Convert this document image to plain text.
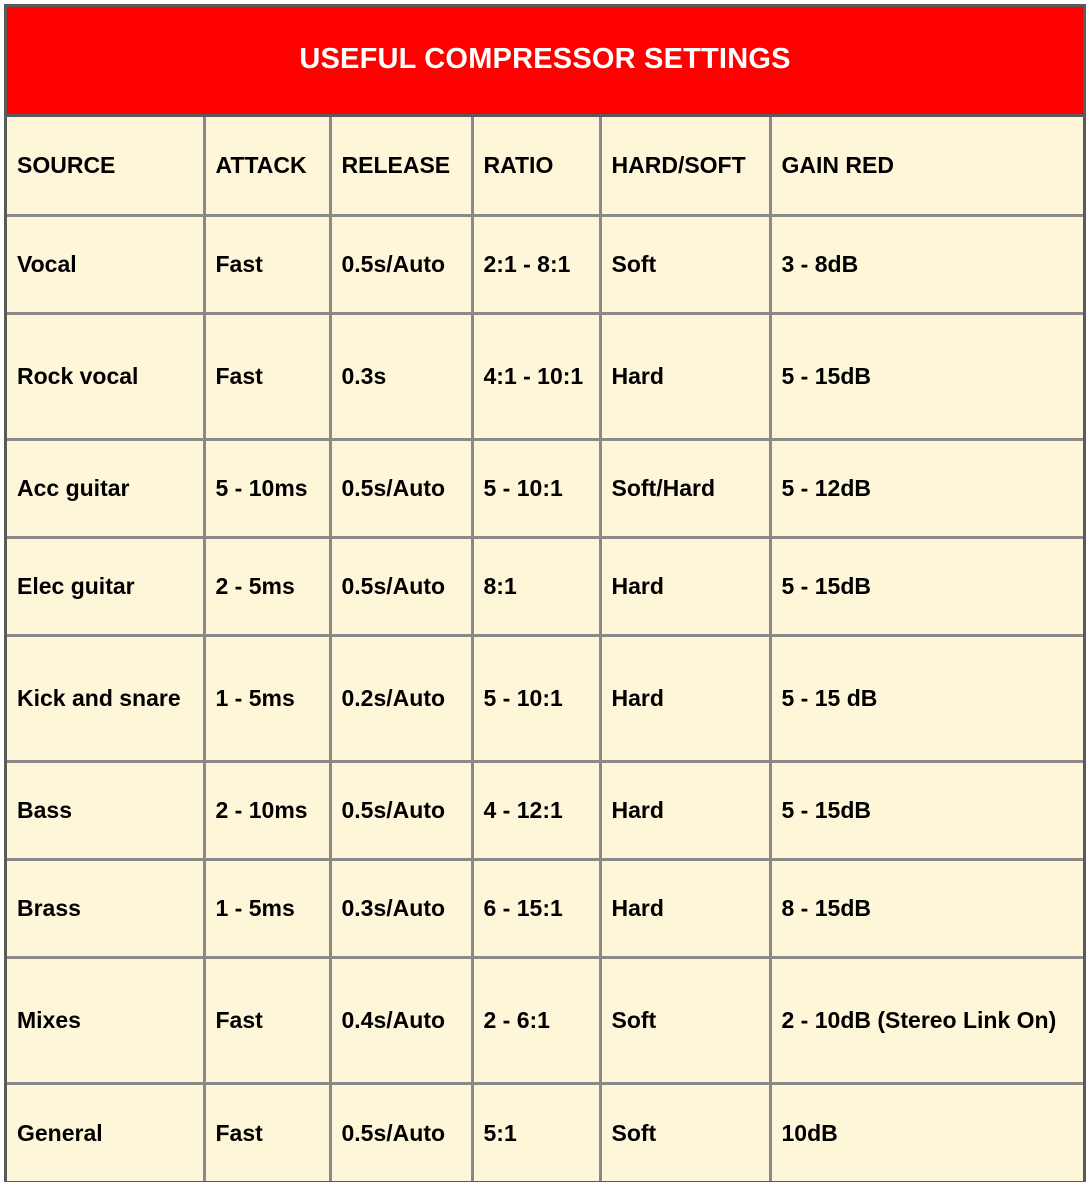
USEFUL COMPRESSOR SETTINGS
SOURCE	ATTACK	RELEASE	RATIO	HARD/SOFT	GAIN RED
Vocal	Fast	0.5s/Auto	2:1 - 8:1	Soft	3 - 8dB
Rock vocal	Fast	0.3s	4:1 - 10:1	Hard	5 - 15dB
Acc guitar	5 - 10ms	0.5s/Auto	5 - 10:1	Soft/Hard	5 - 12dB
Elec guitar	2 - 5ms	0.5s/Auto	8:1	Hard	5 - 15dB
Kick and snare	1 - 5ms	0.2s/Auto	5 - 10:1	Hard	5 - 15 dB
Bass	2 - 10ms	0.5s/Auto	4 - 12:1	Hard	5 - 15dB
Brass	1 - 5ms	0.3s/Auto	6 - 15:1	Hard	8 - 15dB
Mixes	Fast	0.4s/Auto	2 - 6:1	Soft	2 - 10dB (Stereo Link On)
General	Fast	0.5s/Auto	5:1	Soft	10dB
